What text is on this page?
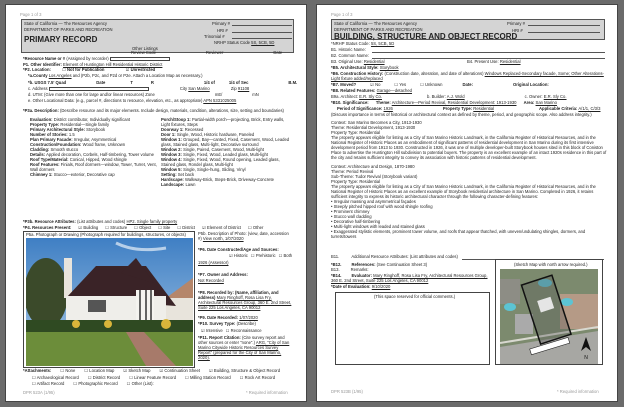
Page 1 of 3
State of California — The Resources Agency
DEPARTMENT OF PARKS AND RECREATION
PRIMARY RECORD
Primary #
HRI #
Trinomial #
NRHP Status Code 5S, 5CB, 5D
Other Listings
Review Code	Reviewer	Date
*Resource Name or # (Assigned by recorder)
P1. Other Identifier: Element of Huntington Hill Residential Historic District
*P2. Location:	☐ Not for Publication	☑ Unrestricted
*a.County Los Angeles and (P2b, P2c, and P2d or P2e. Attach a Location Map as necessary.)
*b. USGS 7.5' Quad	Date	T	R	1/4 of	1/4 of Sec	B.M.
c. Address	City San Marino	Zip 91108
d. UTM: (Give more than one for large and/or linear resources) Zone	mE/	mN
e. Other Locational Data: (e.g., parcel #, directions to resource, elevation, etc., as appropriate) APN 5331025005
*P3a. Description: (Describe resource and its major elements. Include design, materials, condition, alterations, size, setting and boundaries)
Evaluation: District contributor, Individually significant
Property Type: Residential—Single family
Primary Architectural Style: Storybook
Number of Stories: 1.5
Plan Primary Facade: Irregular, Asymmetrical
Construction/Foundation: Wood frame, Unknown
Cladding: Smooth stucco
Details: Applied decoration, Corbels, Half-timbering, Tower volume
Roof Type/Material: Conical, Hipped, Wood shingle
Roof Features: Finials, Roof dormers—window, Tower, Turret, Vent, Wall dormers
Chimney 1: Stucco—exterior, Decorative cap
Porch/Stoop 1: Partial-width porch—projecting, Brick, Entry walls, Light fixtures, Steps
Doorway 1: Recessed
Door 1: Single, Wood, Historic hardware, Paneled
Window 1: Grouped, Bay—canted, Fixed, Casement, Wood, Leaded glass, Stained glass, Multi-light, Decorative surround
Window 2: Single, Paired, Casement, Wood, Multi-light
Window 3: Single, Fixed, Wood, Leaded glass, Multi-light
Window 4: Single, Fixed, Wood, Round opening, Leaded glass, Stained glass, Rondel glass, Multi-light
Window 5: Single, Single-hung, Sliding, Vinyl
Setting: Set back
Hardscape: Walkway-Brick, Steps-Brick, Driveway-Concrete
Landscape: Lawn
*P3b. Resource Attributes: (List attributes and codes) HP2. Single family property
*P4. Resources Present: ☑ Building ☐ Structure ☐ Object ☐ Site ☐ District ☑ Element of District ☐ Other
P5a. Photograph or Drawing (Photograph required for buildings, structures, or objects)	P5b. Description of Photo: (view, date, accession #) View north, 1/07/2020
*P6. Date Constructed/Age and Sources:
☑ Historic ☐ Prehistoric ☐ Both
1926 (Assessor)
*P7. Owner and Address:
Not Recorded
*P8. Recorded by: (Name, affiliation, and address) Mary Ringhoff, Rosa Lisa Fry, Architectural Resources Group, 360 E. 2nd Street, Suite 225 Los Angeles, CA 90012
*P9. Date Recorded: 1/07/2020
*P10. Survey Type: (Describe)
☑ Intensive ☐ Reconnaissance
*P11. Report Citation: (Cite survey report and other sources or enter "none".) ARG, "City of San Marino Citywide Historic Resources Survey Report" (prepared for the City of San Marino, 2020).
*Attachments: ☐ None ☐ Location Map ☑ Sketch Map ☑ Continuation Sheet ☑ Building, Structure & Object Record☐ Archaeological Record ☐ District Record ☐ Linear Feature Record ☐ Milling Station Record ☐ Rock Art Record☐ Artifact Record ☐ Photographic Record ☐ Other (List):
DPR 523A (1/95)	* Required information
Page 1 of 3
State of California — The Resources Agency
DEPARTMENT OF PARKS AND RECREATION
BUILDING, STRUCTURE AND OBJECT RECORD
Primary #
HRI #
*NRHP Status Code: 5S, 5CB, 5D
B1. Historic Name:
B2. Common Name:
B3. Original Use: Residential	B4. Present Use: Residential
*B5. Architectural Style: Storybook
*B6. Construction History: (Construction date, alteration, and date of alterations) Windows Replaced-Secondary facade, Some; Other Alterations-Light fixture added/replaced
*B7. Moved?	☑ No	☐ Yes	☐ Unknown	Date:	Original Location:
*B8. Related Features: Garage—detached
B9a. Architect: E.R. Sly Co.	b. Builder: A.J. Wold	c. Owner: E.R. Sly Co.
*B10. Significance: Theme: Architecture—Period Revival, Residential Development: 1913-1930 Area: San Marino
Period of Significance: 1926	Property Type: Residential	Applicable Criteria: A/1/1, C/3/3
(Discuss importance in terms of historical or architectural context as defined by theme, period, and geographic scope. Also address integrity.)
Context: San Marino Becomes a City, 1913-1930
Theme: Residential Development, 1913-1930
Property Type: Residential
The property appears eligible for listing as a City of San Marino Historic Landmark, in the California Register of Historical Resources, and in the National Register of Historic Places as an embodiment of significant patterns of residential development in San Marino during its first intensive development period from 1913 to 1930. Constructed in 1926, it was one of multiple developer-built Storybook houses sited in this block of Coniston Place to advertise the Huntington Hill subdivision to potential buyers. The property is an excellent example of an intact 1920s residence in this part of the city and retains sufficient integrity to convey its association with historic patterns of residential development.
Context: Architecture and Design, 1870-1980
Theme: Period Revival
Sub-Theme: Tudor Revival (Storybook variant)
Property Type: Residential
The property appears eligible for listing as a City of San Marino Historic Landmark, in the California Register of Historical Resources, and in the National Register of Historic Places as an excellent example of Storybook residential architecture in San Marino. Completed in 1926, it retains sufficient integrity to express its historic architectural character through the following character-defining features:
• Irregular massing and asymmetrical façades
• Steeply pitched hipped roof with wood shingle roofing
• Prominent chimney
• Stucco wall cladding
• Decorative half-timbering
• Multi-light windows with leaded and stained glass
• Exaggerated stylistic elements, prominent tower volume, and roofs that appear thatched, with uneven/undulating shingles, dormers, and turrets/towers
B11.	Additional Resource Attributes: (List attributes and codes)
*B12. References: (See Continuation Sheet 3)
B13.	Remarks:
*B14. Evaluator: Mary Ringhoff, Rosa Lisa Fry, Architectural Resources Group, 360 E. 2nd Street, Suite 225 Los Angeles, CA 90012
*Date of Evaluation: 9/10/2020
(This space reserved for official comments.)
(Sketch Map with north arrow required.)
N
DPR 523B (1/95)	* Required information
